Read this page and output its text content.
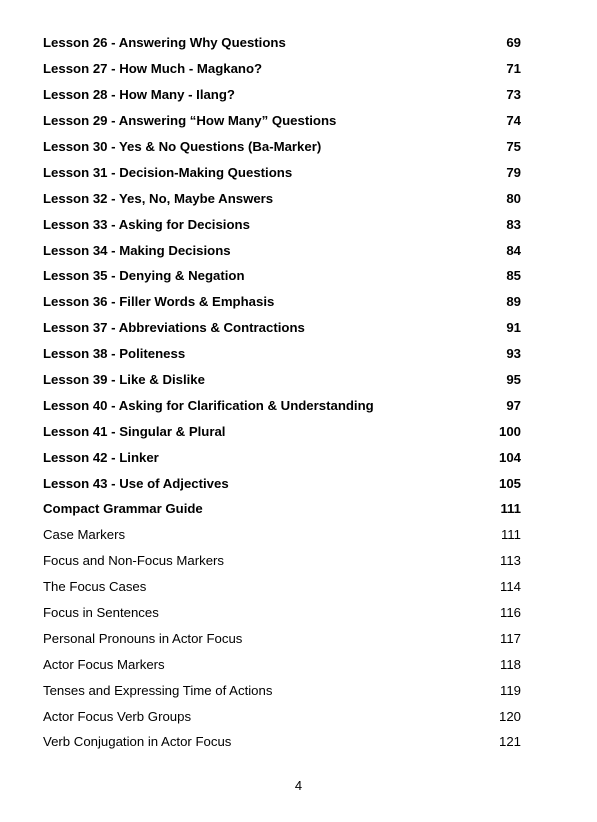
Lesson 26 - Answering Why Questions	69
Lesson 27 - How Much - Magkano?	71
Lesson 28 - How Many - Ilang?	73
Lesson 29 - Answering “How Many” Questions	74
Lesson 30 - Yes & No Questions (Ba-Marker)	75
Lesson 31 - Decision-Making Questions	79
Lesson 32 - Yes, No, Maybe Answers	80
Lesson 33 - Asking for Decisions	83
Lesson 34 - Making Decisions	84
Lesson 35 - Denying & Negation	85
Lesson 36 - Filler Words & Emphasis	89
Lesson 37 - Abbreviations & Contractions	91
Lesson 38 - Politeness	93
Lesson 39 - Like & Dislike	95
Lesson 40 - Asking for Clarification & Understanding	97
Lesson 41 - Singular & Plural	100
Lesson 42 - Linker	104
Lesson 43 - Use of Adjectives	105
Compact Grammar Guide	111
Case Markers	111
Focus and Non-Focus Markers	113
The Focus Cases	114
Focus in Sentences	116
Personal Pronouns in Actor Focus	117
Actor Focus Markers	118
Tenses and Expressing Time of Actions	119
Actor Focus Verb Groups	120
Verb Conjugation in Actor Focus	121
4
